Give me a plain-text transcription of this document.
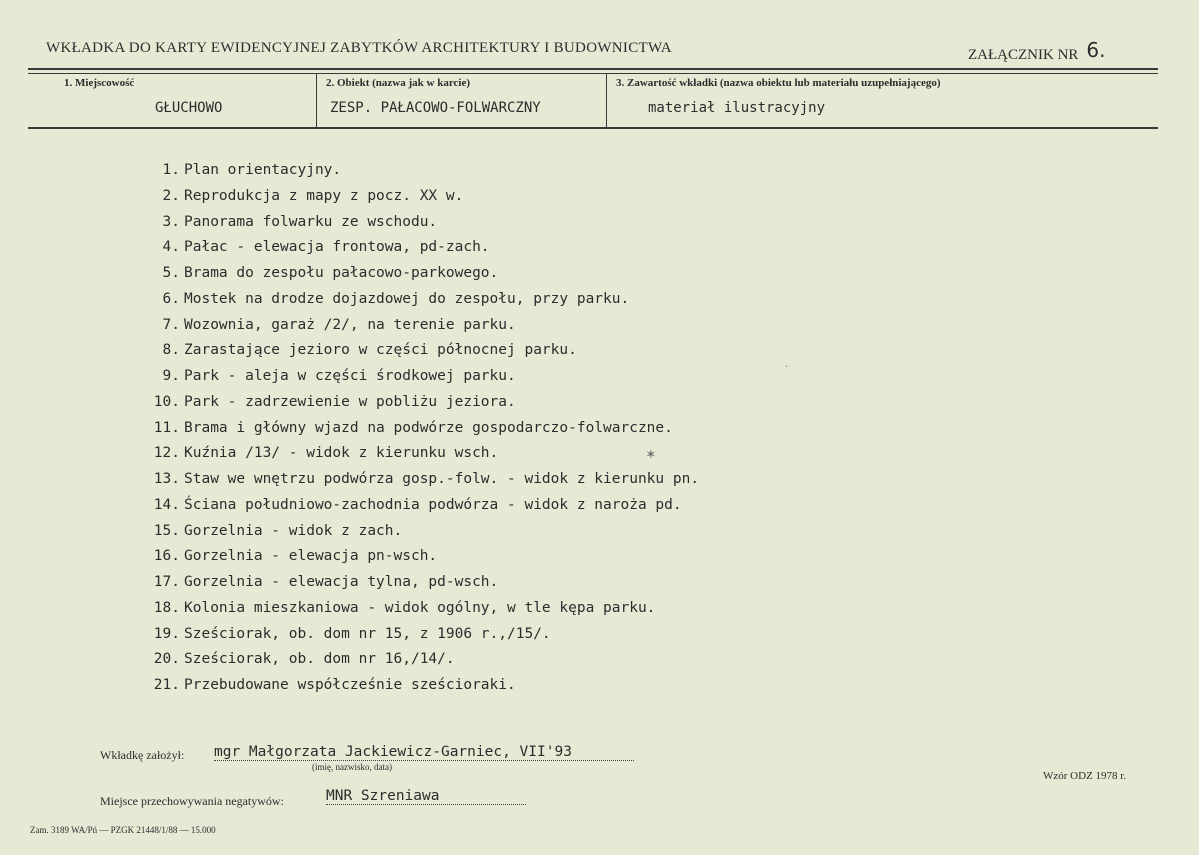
WKŁADKA DO KARTY EWIDENCYJNEJ ZABYTKÓW ARCHITEKTURY I BUDOWNICTWA	ZAŁĄCZNIK NR 6.
1. Miejscowość
GŁUCHOWO
2. Obiekt (nazwa jak w karcie)
ZESP. PAŁACOWO-FOLWARCZNY
3. Zawartość wkładki (nazwa obiektu lub materiału uzupełniającego)
materiał ilustracyjny
1. Plan orientacyjny.
2. Reprodukcja z mapy z pocz. XX w.
3. Panorama folwarku ze wschodu.
4. Pałac - elewacja frontowa, pd-zach.
5. Brama do zespołu pałacowo-parkowego.
6. Mostek na drodze dojazdowej do zespołu, przy parku.
7. Wozownia, garaż /2/, na terenie parku.
8. Zarastające jezioro w części północnej parku.
9. Park - aleja w części środkowej parku.
10. Park - zadrzewienie w pobliżu jeziora.
11. Brama i główny wjazd na podwórze gospodarczo-folwarczne.
12. Kuźnia /13/ - widok z kierunku wsch.
13. Staw we wnętrzu podwórza gosp.-folw. - widok z kierunku pn.
14. Ściana południowo-zachodnia podwórza - widok z naroża pd.
15. Gorzelnia - widok z zach.
16. Gorzelnia - elewacja pn-wsch.
17. Gorzelnia - elewacja tylna, pd-wsch.
18. Kolonia mieszkaniowa - widok ogólny, w tle kępa parku.
19. Sześciorak, ob. dom nr 15, z 1906 r.,/15/.
20. Sześciorak, ob. dom nr 16,/14/.
21. Przebudowane współcześnie sześcioraki.
Wkładkę założył: mgr Małgorzata Jackiewicz-Garniec, VII'93
(imię, nazwisko, data)
Wzór ODZ 1978 r.
Miejsce przechowywania negatywów:	MNR Szreniawa
Zam. 3189 WA/Pń — PZGK 21448/1/88 — 15.000
✶
·
